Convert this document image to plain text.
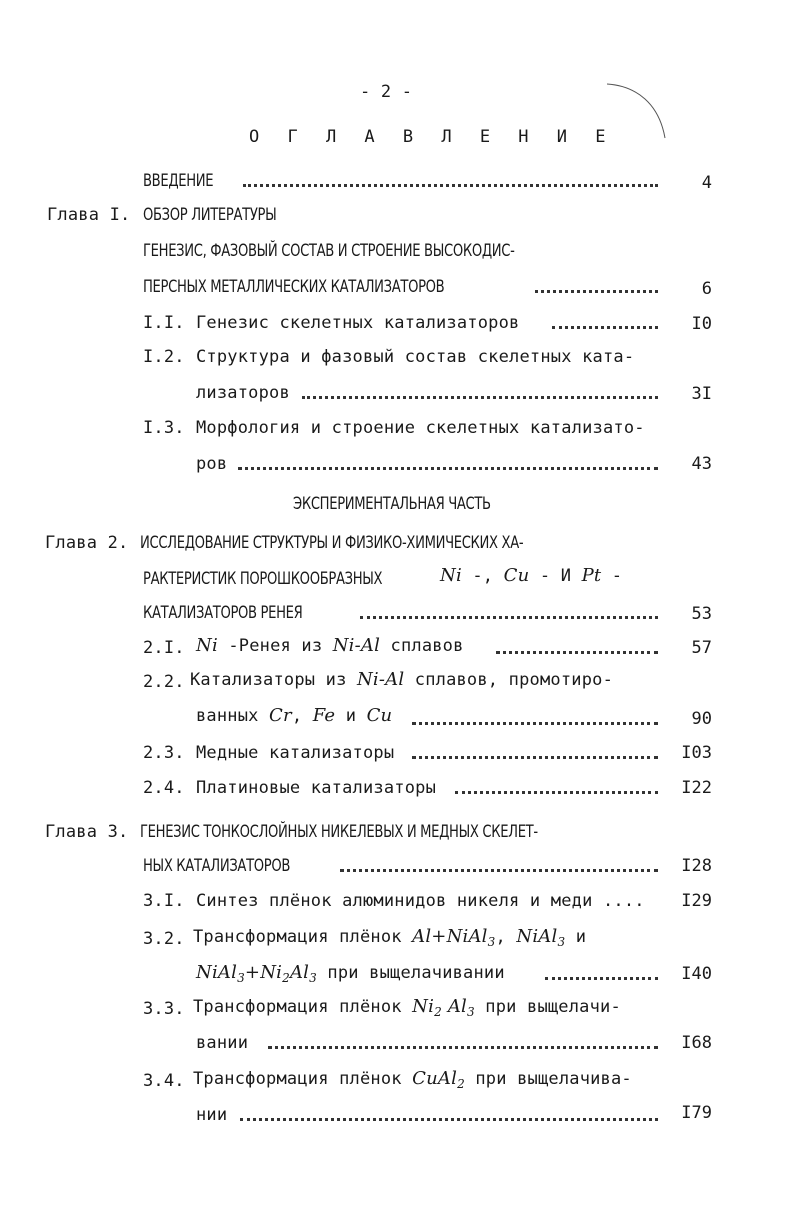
- 2 -
О Г Л А В Л Е Н И Е
ВВЕДЕНИЕ	4
Глава I. ОБЗОР ЛИТЕРАТУРЫ
ГЕНЕЗИС, ФАЗОВЫЙ СОСТАВ И СТРОЕНИЕ ВЫСОКОДИС-
ПЕРСНЫХ МЕТАЛЛИЧЕСКИХ КАТАЛИЗАТОРОВ	6
I.I. Генезис скелетных катализаторов	I0
I.2. Структура и фазовый состав скелетных ката-
лизаторов	3I
I.3. Морфология и строение скелетных катализато-
ров	43
ЭКСПЕРИМЕНТАЛЬНАЯ ЧАСТЬ
Глава 2. ИССЛЕДОВАНИЕ СТРУКТУРЫ И ФИЗИКО-ХИМИЧЕСКИХ ХА-
РАКТЕРИСТИК ПОРОШКООБРАЗНЫХ	Ni -, Cu - И Pt -
КАТАЛИЗАТОРОВ РЕНЕЯ	53
2.I. Ni -Ренея из Ni-Al сплавов	57
2.2. Катализаторы из Ni-Al сплавов, промотиро-
ванных Cr, Fe и Cu	90
2.3. Медные катализаторы	I03
2.4. Платиновые катализаторы	I22
Глава 3. ГЕНЕЗИС ТОНКОСЛОЙНЫХ НИКЕЛЕВЫХ И МЕДНЫХ СКЕЛЕТ-
НЫХ КАТАЛИЗАТОРОВ	I28
3.I. Синтез плёнок алюминидов никеля и меди ....	I29
3.2. Трансформация плёнок Al+NiAl$_3$, NiAl$_3$ и
$NiAl_3+Ni_2Al_3$ при выщелачивании	I40
3.3. Трансформация плёнок $Ni_2$ $Al_3$ при выщелачи-
вании	I68
3.4. Трансформация плёнок CuAl$_2$ при выщелачива-
нии	I79
